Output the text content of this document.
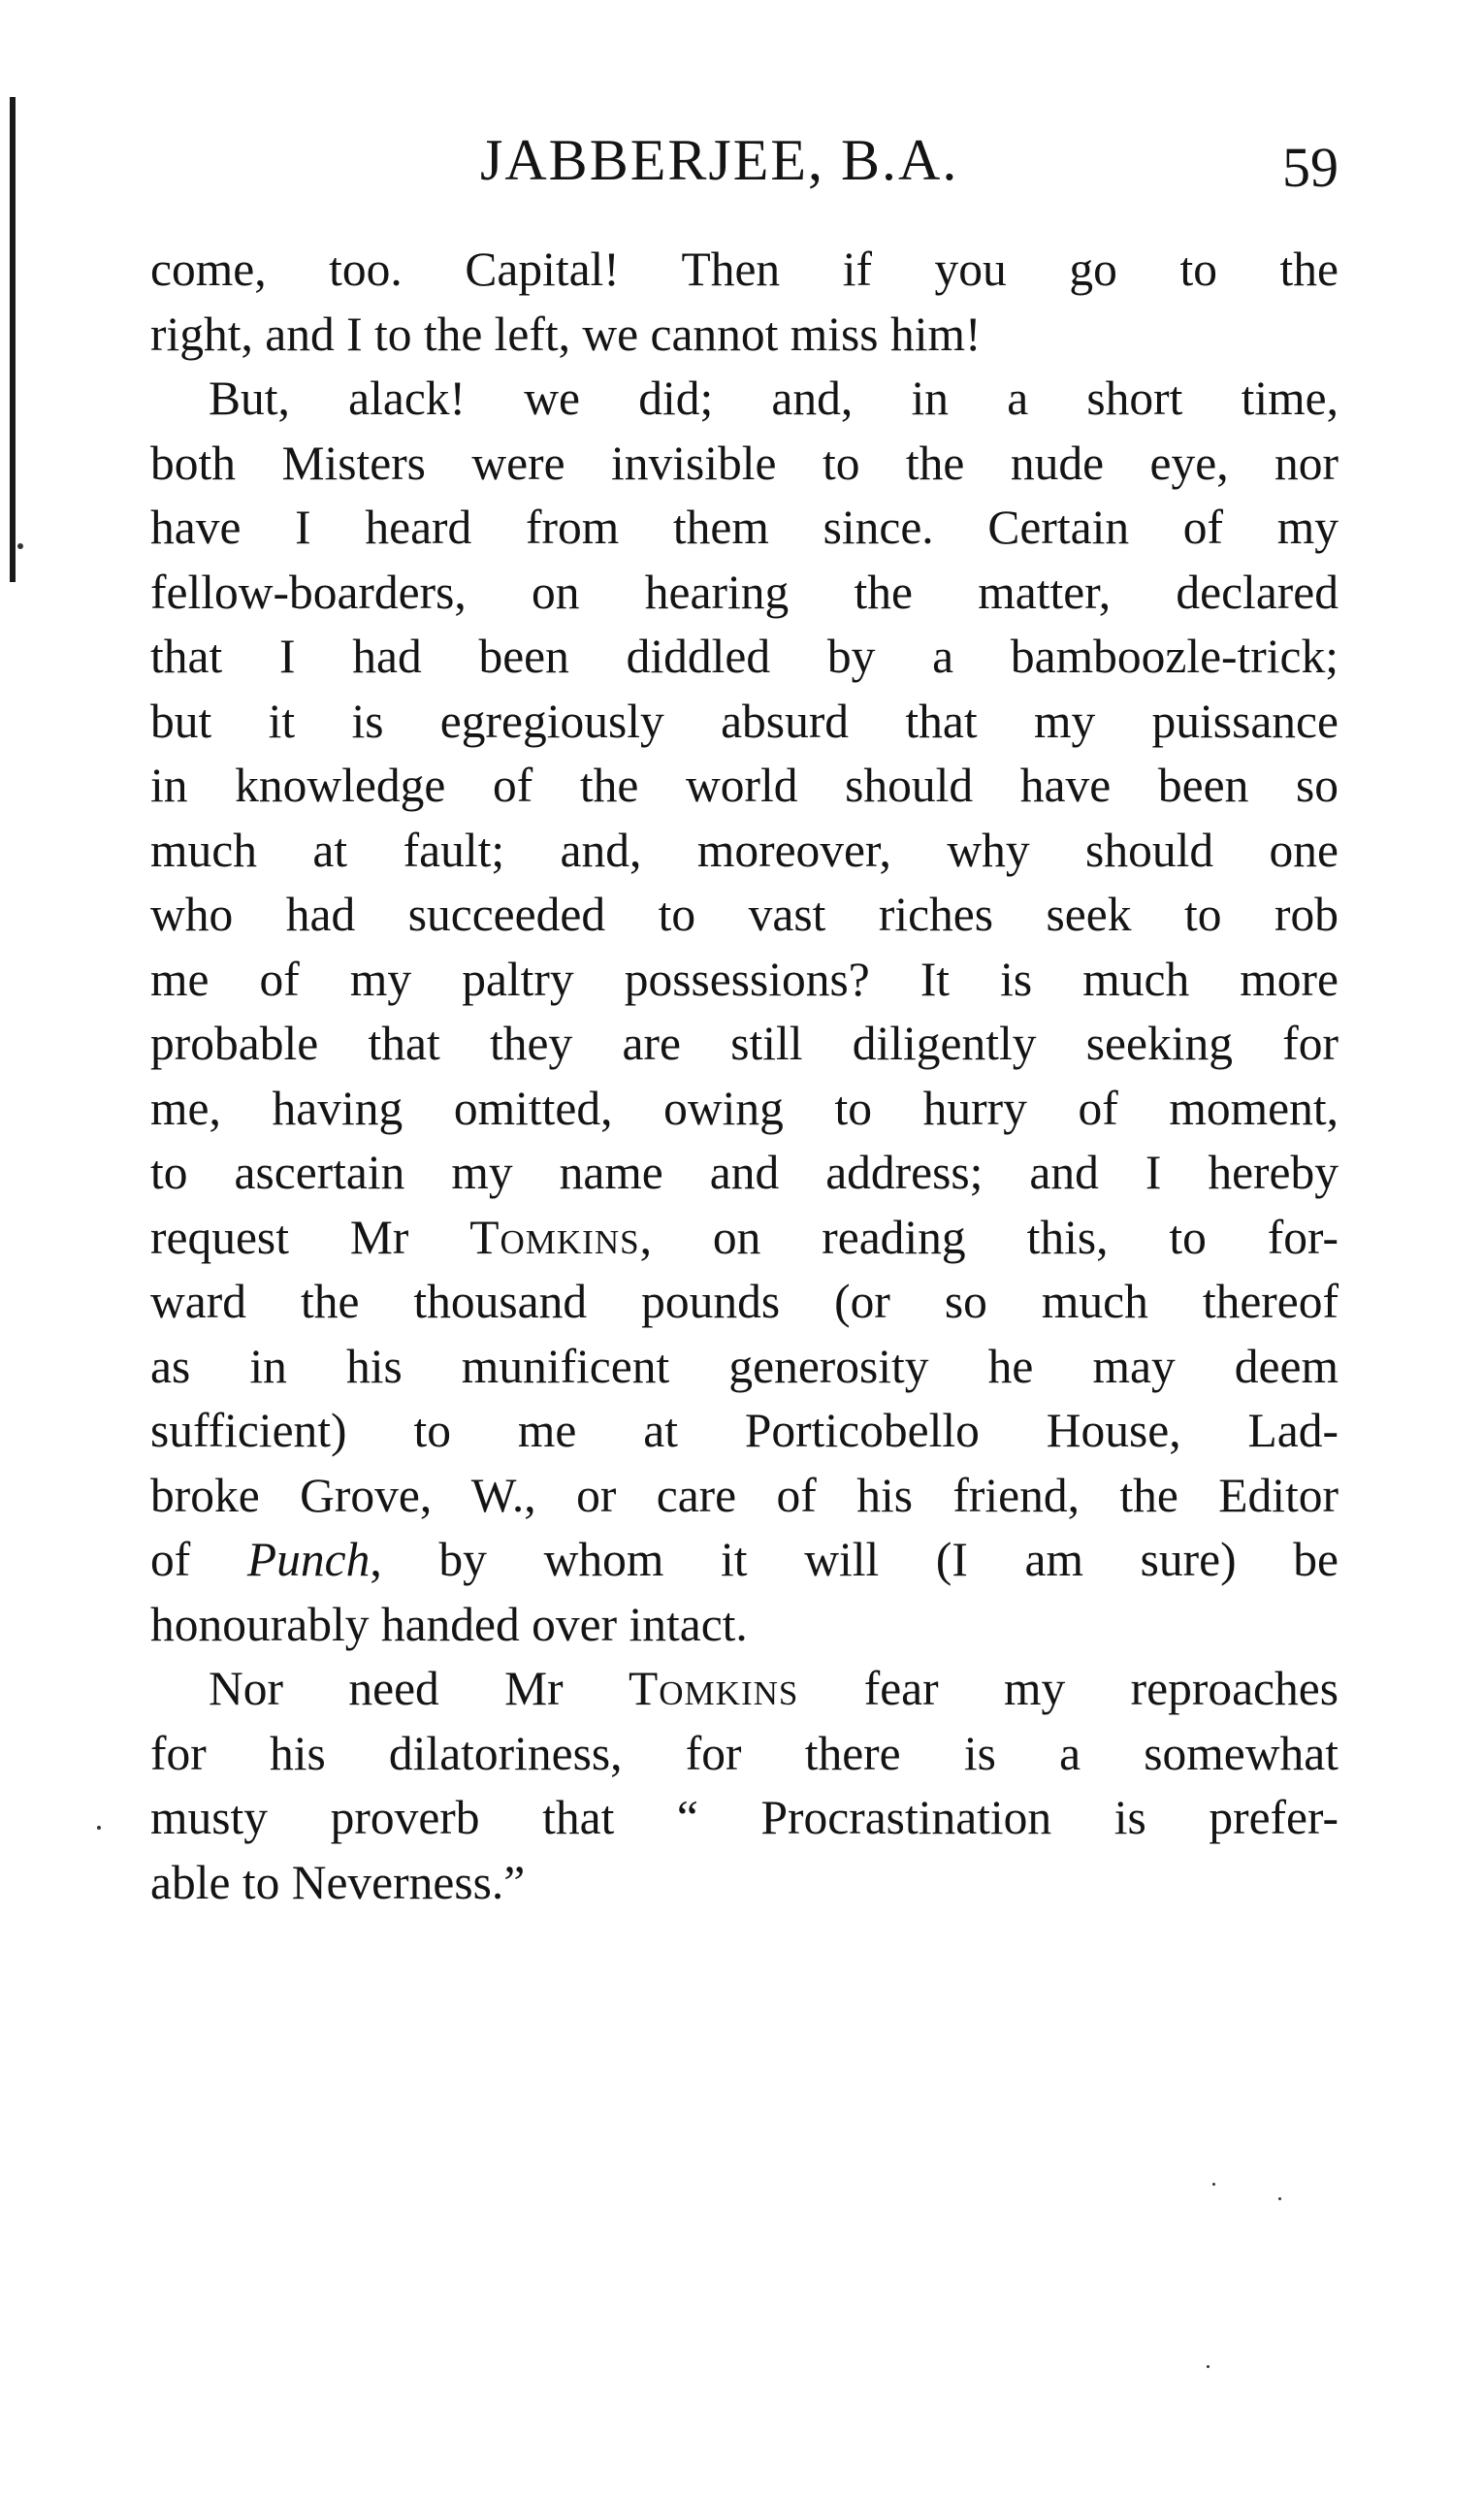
JABBERJEE, B.A.	59
come, too. Capital! Then if you go to the
right, and I to the left, we cannot miss him!
But, alack! we did; and, in a short time,
both Misters were invisible to the nude eye, nor
have I heard from them since. Certain of my
fellow-boarders, on hearing the matter, declared
that I had been diddled by a bamboozle-trick;
but it is egregiously absurd that my puissance
in knowledge of the world should have been so
much at fault; and, moreover, why should one
who had succeeded to vast riches seek to rob
me of my paltry possessions? It is much more
probable that they are still diligently seeking for
me, having omitted, owing to hurry of moment,
to ascertain my name and address; and I hereby
request Mr Tomkins, on reading this, to for-
ward the thousand pounds (or so much thereof
as in his munificent generosity he may deem
sufficient) to me at Porticobello House, Lad-
broke Grove, W., or care of his friend, the Editor
of Punch, by whom it will (I am sure) be
honourably handed over intact.
Nor need Mr Tomkins fear my reproaches
for his dilatoriness, for there is a somewhat
musty proverb that “ Procrastination is prefer-
able to Neverness.”
